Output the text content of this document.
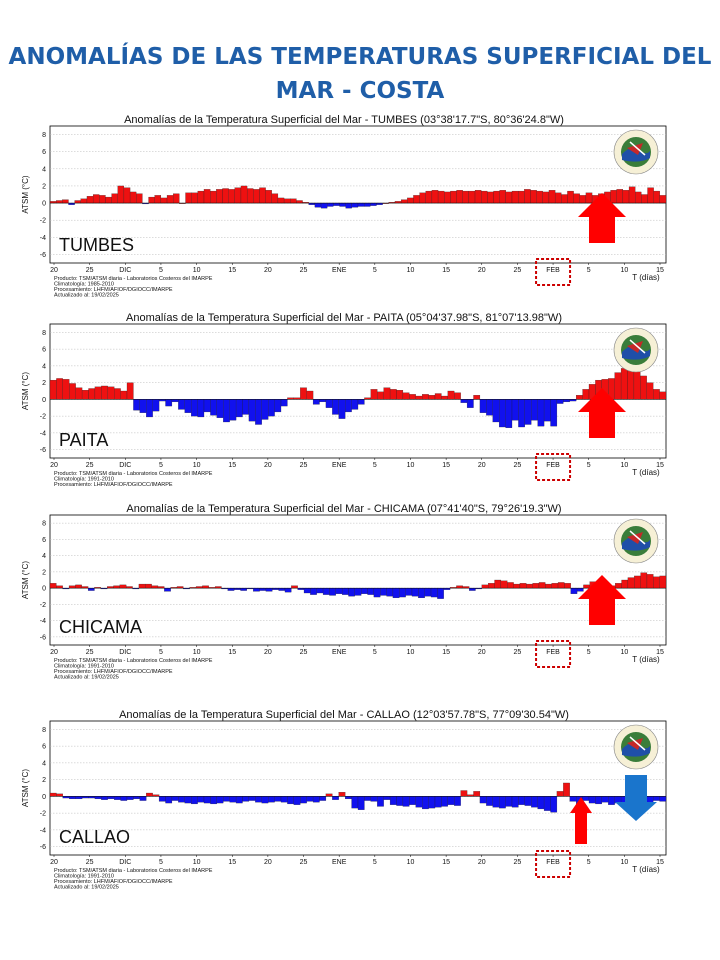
ANOMALÍAS DE LAS TEMPERATURAS SUPERFICIAL DEL
MAR - COSTA
Anomalías de la Temperatura Superficial del Mar - TUMBES (03°38'17.7"S, 80°36'24.8"W)
8
6
4
2
0
-2
-4
-6
ATSM (°C)
20	25	DIC	5	10	15	20	25	ENE	5	10	15	20	25	FEB	5	10	15
T (días)
TUMBES
Producto: TSM/ATSM diaria - Laboratorios Costeros del IMARPE
Climatología: 1985-2010
Procesamiento: LHFM/AFIOF/DGIOCC/IMARPE
Actualizado al: 19/02/2025
Anomalías de la Temperatura Superficial del Mar - PAITA (05°04'37.98"S, 81°07'13.98"W)
8
6
4
2
0
-2
-4
-6
ATSM (°C)
20	25	DIC	5	10	15	20	25	ENE	5	10	15	20	25	FEB	5	10	15
T (días)
PAITA
Producto: TSM/ATSM diaria - Laboratorios Costeros del IMARPE
Climatología: 1991-2010
Procesamiento: LHFM/AFIOF/DGIOCC/IMARPE
Anomalías de la Temperatura Superficial del Mar - CHICAMA (07°41'40"S, 79°26'19.3"W)
8
6
4
2
0
-2
-4
-6
ATSM (°C)
20	25	DIC	5	10	15	20	25	ENE	5	10	15	20	25	FEB	5	10	15
T (días)
CHICAMA
Producto: TSM/ATSM diaria - Laboratorios Costeros del IMARPE
Climatología: 1991-2010
Procesamiento: LHFM/AFIOF/DGIOCC/IMARPE
Actualizado al: 19/02/2025
Anomalías de la Temperatura Superficial del Mar - CALLAO (12°03'57.78"S, 77°09'30.54"W)
8
6
4
2
0
-2
-4
-6
ATSM (°C)
20	25	DIC	5	10	15	20	25	ENE	5	10	15	20	25	FEB	5	10	15
T (días)
CALLAO
Producto: TSM/ATSM diaria - Laboratorios Costeros del IMARPE
Climatología: 1991-2010
Procesamiento: LHFM/AFIOF/DGIOCC/IMARPE
Actualizado al: 19/02/2025
